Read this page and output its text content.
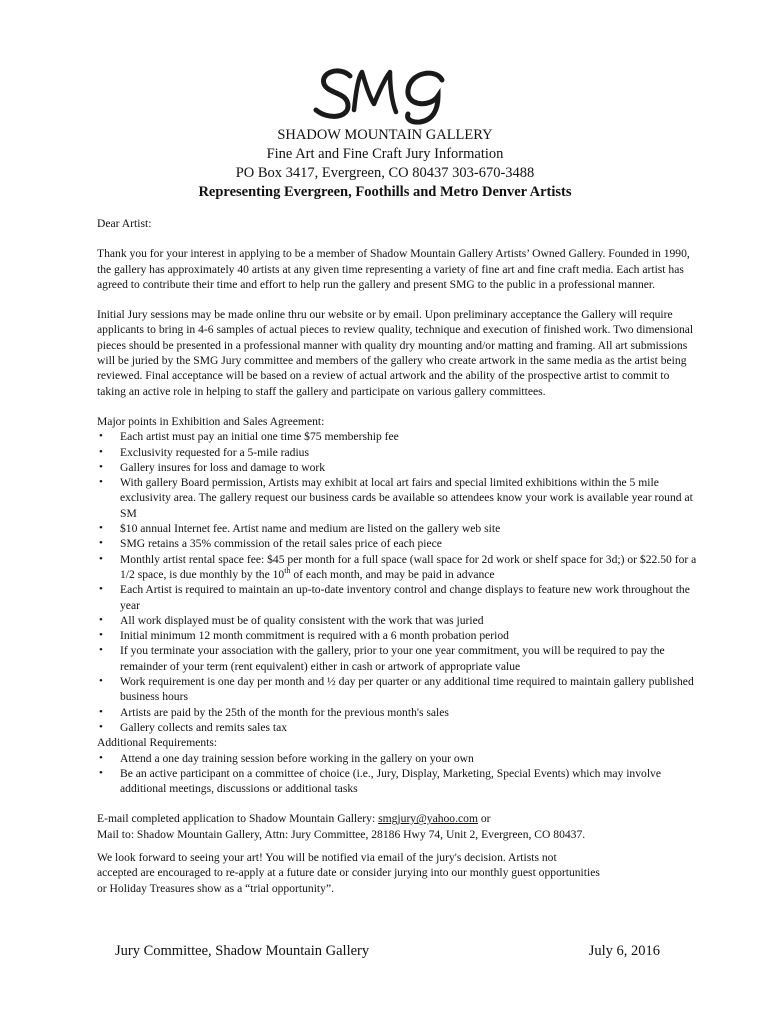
SHADOW MOUNTAIN GALLERY
Fine Art and Fine Craft Jury Information
PO Box 3417, Evergreen, CO 80437 303-670-3488
Representing Evergreen, Foothills and Metro Denver Artists

Dear Artist:

Thank you for your interest in applying to be a member of Shadow Mountain Gallery Artists’ Owned Gallery. Founded in 1990, the gallery has approximately 40 artists at any given time representing a variety of fine art and fine craft media. Each artist has agreed to contribute their time and effort to help run the gallery and present SMG to the public in a professional manner.

Initial Jury sessions may be made online thru our website or by email. Upon preliminary acceptance the Gallery will require applicants to bring in 4-6 samples of actual pieces to review quality, technique and execution of finished work. Two dimensional pieces should be presented in a professional manner with quality dry mounting and/or matting and framing. All art submissions will be juried by the SMG Jury committee and members of the gallery who create artwork in the same media as the artist being reviewed. Final acceptance will be based on a review of actual artwork and the ability of the prospective artist to commit to taking an active role in helping to staff the gallery and participate on various gallery committees.

Major points in Exhibition and Sales Agreement:

• Each artist must pay an initial one time $75 membership fee
• Exclusivity requested for a 5-mile radius
• Gallery insures for loss and damage to work
• With gallery Board permission, Artists may exhibit at local art fairs and special limited exhibitions within the 5 mile exclusivity area. The gallery request our business cards be available so attendees know your work is available year round at SM
• $10 annual Internet fee. Artist name and medium are listed on the gallery web site
• SMG retains a 35% commission of the retail sales price of each piece
• Monthly artist rental space fee: $45 per month for a full space (wall space for 2d work or shelf space for 3d;) or $22.50 for a 1/2 space, is due monthly by the 10th of each month, and may be paid in advance
• Each Artist is required to maintain an up-to-date inventory control and change displays to feature new work throughout the year
• All work displayed must be of quality consistent with the work that was juried
• Initial minimum 12 month commitment is required with a 6 month probation period
• If you terminate your association with the gallery, prior to your one year commitment, you will be required to pay the remainder of your term (rent equivalent) either in cash or artwork of appropriate value
• Work requirement is one day per month and ½ day per quarter or any additional time required to maintain gallery published business hours
• Artists are paid by the 25th of the month for the previous month's sales
• Gallery collects and remits sales tax

Additional Requirements:

• Attend a one day training session before working in the gallery on your own
• Be an active participant on a committee of choice (i.e., Jury, Display, Marketing, Special Events) which may involve additional meetings, discussions or additional tasks

E-mail completed application to Shadow Mountain Gallery: smgjury@yahoo.com or

Mail to: Shadow Mountain Gallery, Attn: Jury Committee, 28186 Hwy 74, Unit 2, Evergreen, CO 80437.

We look forward to seeing your art! You will be notified via email of the jury's decision. Artists not

accepted are encouraged to re-apply at a future date or consider jurying into our monthly guest opportunities

or Holiday Treasures show as a “trial opportunity”.

Jury Committee, Shadow Mountain Gallery	July 6, 2016
